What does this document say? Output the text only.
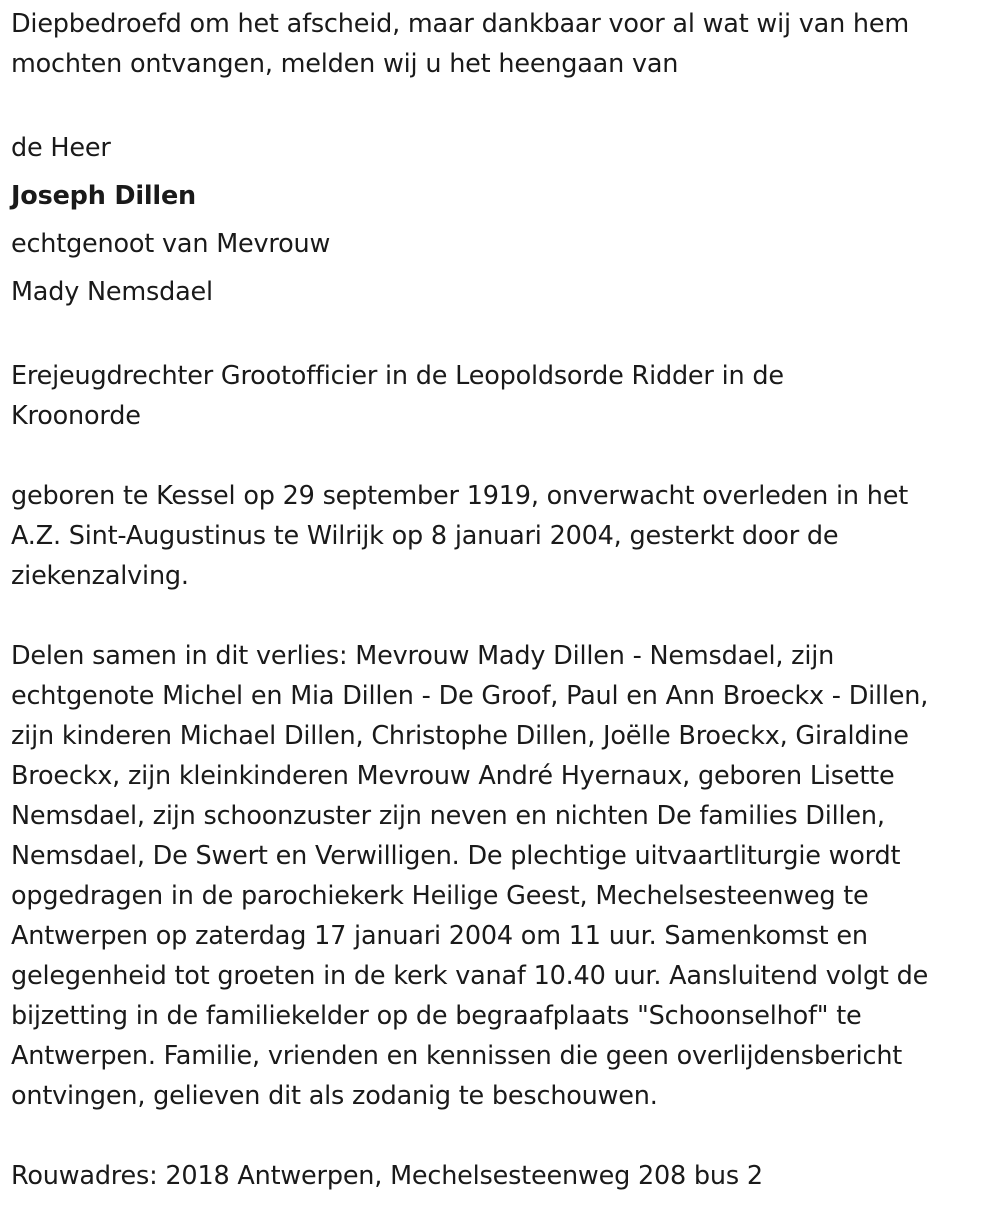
Diepbedroefd om het afscheid, maar dankbaar voor al wat wij van hem
mochten ontvangen, melden wij u het heengaan van

de Heer
Joseph Dillen
echtgenoot van Mevrouw
Mady Nemsdael

Erejeugdrechter Grootofficier in de Leopoldsorde Ridder in de
Kroonorde

geboren te Kessel op 29 september 1919, onverwacht overleden in het
A.Z. Sint-Augustinus te Wilrijk op 8 januari 2004, gesterkt door de
ziekenzalving.

Delen samen in dit verlies: Mevrouw Mady Dillen - Nemsdael, zijn
echtgenote Michel en Mia Dillen - De Groof, Paul en Ann Broeckx - Dillen,
zijn kinderen Michael Dillen, Christophe Dillen, Joëlle Broeckx, Giraldine
Broeckx, zijn kleinkinderen Mevrouw André Hyernaux, geboren Lisette
Nemsdael, zijn schoonzuster zijn neven en nichten De families Dillen,
Nemsdael, De Swert en Verwilligen. De plechtige uitvaartliturgie wordt
opgedragen in de parochiekerk Heilige Geest, Mechelsesteenweg te
Antwerpen op zaterdag 17 januari 2004 om 11 uur. Samenkomst en
gelegenheid tot groeten in de kerk vanaf 10.40 uur. Aansluitend volgt de
bijzetting in de familiekelder op de begraafplaats "Schoonselhof" te
Antwerpen. Familie, vrienden en kennissen die geen overlijdensbericht
ontvingen, gelieven dit als zodanig te beschouwen.

Rouwadres: 2018 Antwerpen, Mechelsesteenweg 208 bus 2
